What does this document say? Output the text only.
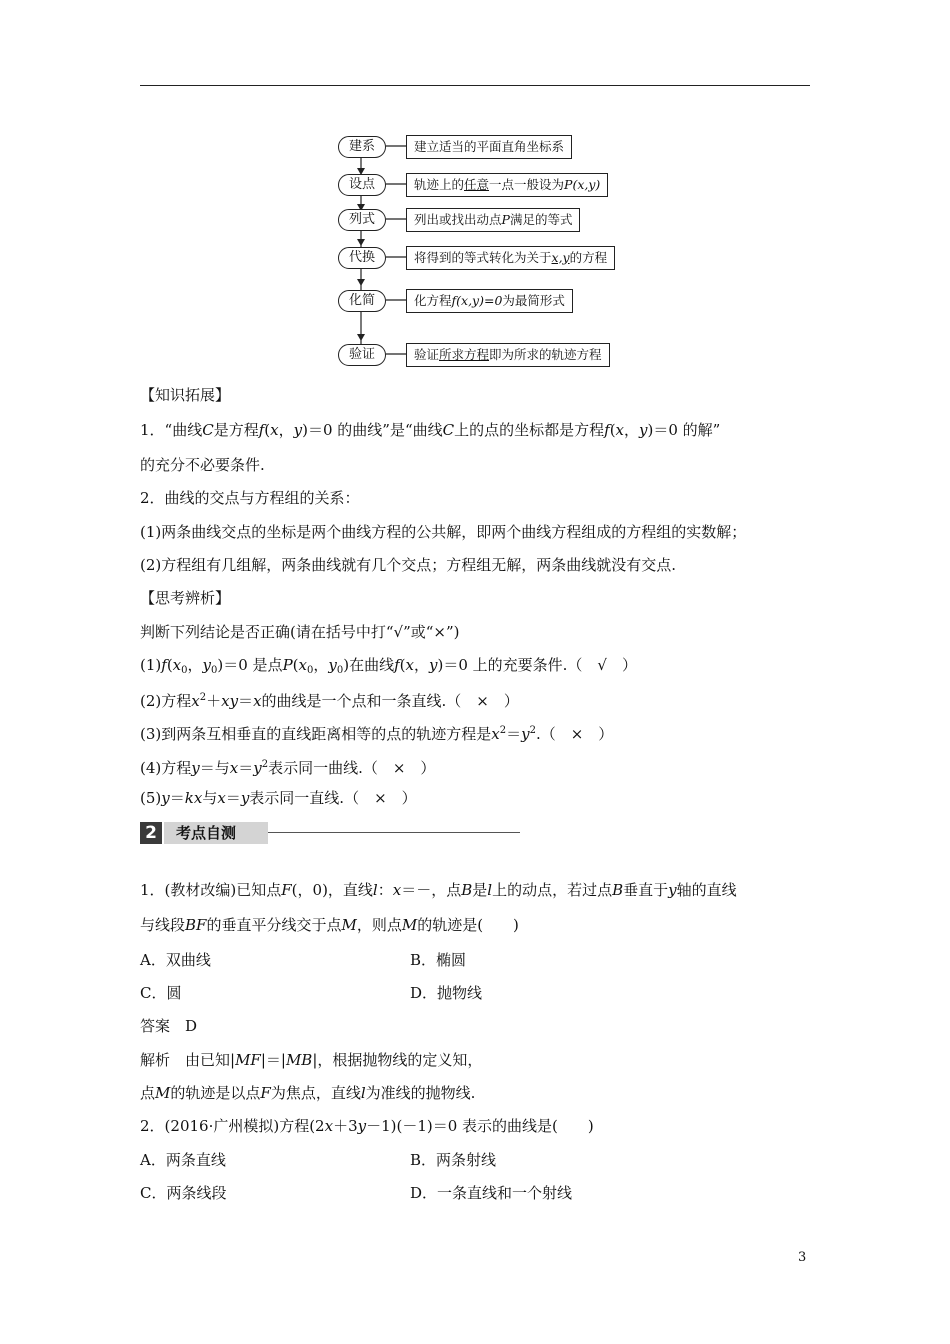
建系	建立适当的平面直角坐标系
设点	轨迹上的任意一点一般设为P(x,y)
列式	列出或找出动点P满足的等式
代换	将得到的等式转化为关于x,y的方程
化简	化方程f(x,y)=0为最简形式
验证	验证所求方程即为所求的轨迹方程
【知识拓展】
1．“曲线C是方程f(x，y)＝0 的曲线”是“曲线C上的点的坐标都是方程f(x，y)＝0 的解”
的充分不必要条件.
2．曲线的交点与方程组的关系：
(1)两条曲线交点的坐标是两个曲线方程的公共解，即两个曲线方程组成的方程组的实数解；
(2)方程组有几组解，两条曲线就有几个交点；方程组无解，两条曲线就没有交点.
【思考辨析】
判断下列结论是否正确(请在括号中打“√”或“×”)
$(1)f(x_0$，$y_0)=0$ 是点$P(x_0$，$y_0$)在曲线f(x，y)＝0 上的充要条件.（　√　）
(2)方程$x^2+xy=x$的曲线是一个点和一条直线.（　×　）
(3)到两条互相垂直的直线距离相等的点的轨迹方程是$x^2=y^2$.（　×　）
(4)方程y＝与$x=y^2$表示同一曲线.（　×　）
(5)y＝kx与x＝y表示同一直线.（　×　）
2	考点自测
1．(教材改编)已知点F(，0)，直线l：x＝－，点B是l上的动点，若过点B垂直于y轴的直线
与线段BF的垂直平分线交于点M，则点M的轨迹是(　　)
A．双曲线	B．椭圆
C．圆	D．抛物线
答案　D
解析　由已知|MF|＝|MB|，根据抛物线的定义知，
点M的轨迹是以点F为焦点，直线l为准线的抛物线.
2．(2016·广州模拟)方程(2x＋3y－1)(－1)＝0 表示的曲线是(　　)
A．两条直线	B．两条射线
C．两条线段	D．一条直线和一个射线
3
